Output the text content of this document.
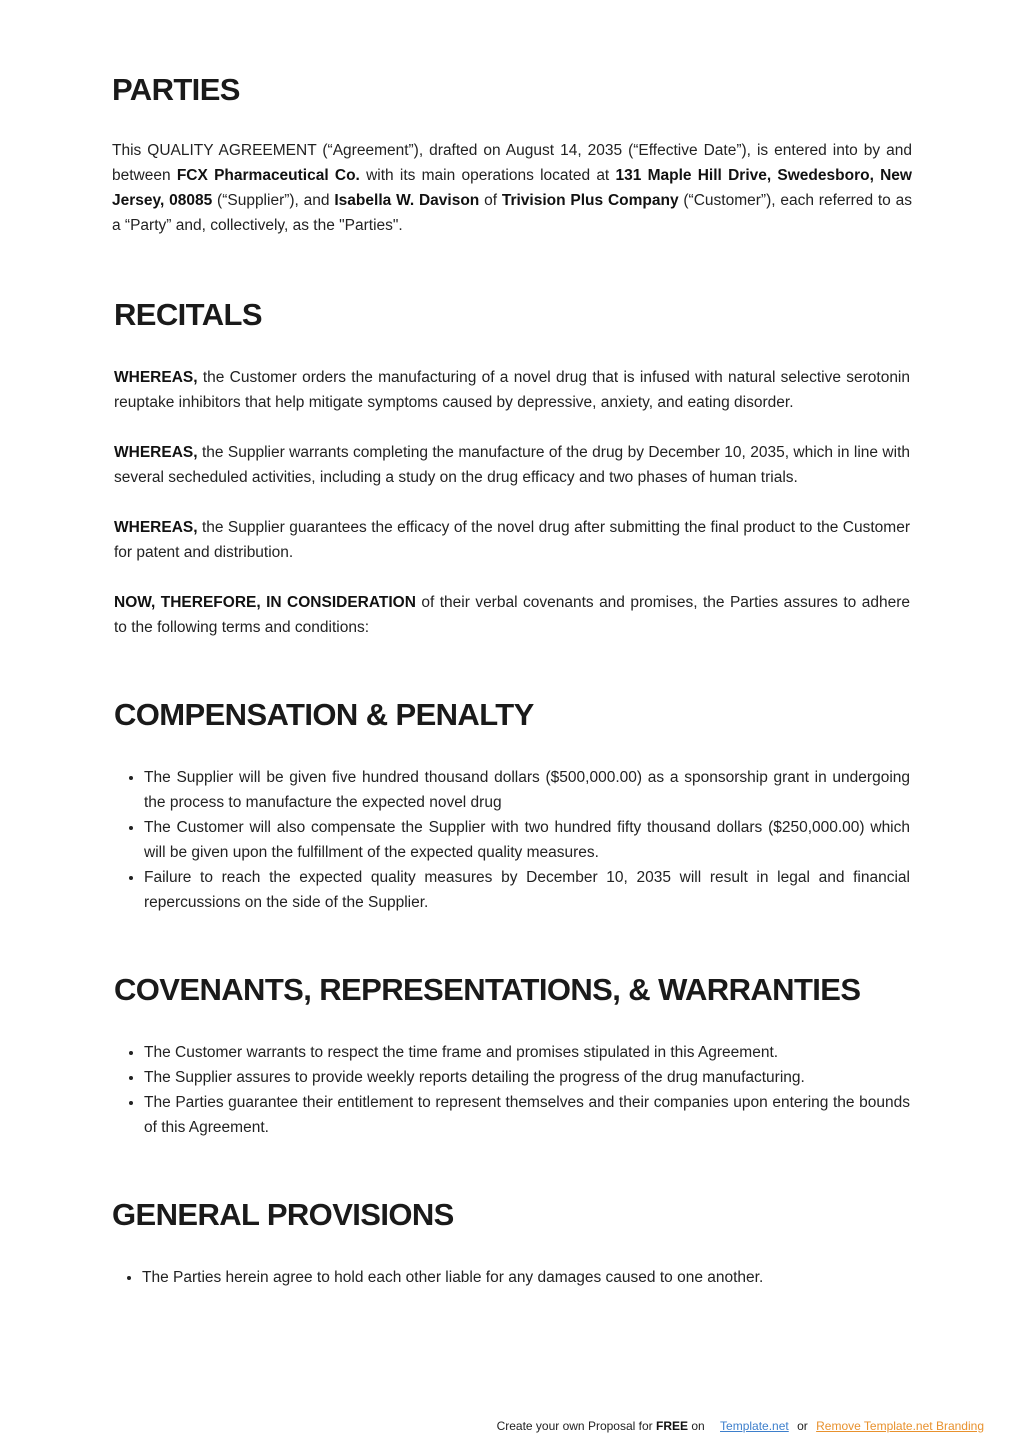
PARTIES

This QUALITY AGREEMENT (“Agreement”), drafted on August 14, 2035 (“Effective Date”), is entered into by and between FCX Pharmaceutical Co. with its main operations located at 131 Maple Hill Drive, Swedesboro, New Jersey, 08085 (“Supplier”), and Isabella W. Davison of Trivision Plus Company (“Customer”), each referred to as a “Party” and, collectively, as the "Parties".

RECITALS

WHEREAS, the Customer orders the manufacturing of a novel drug that is infused with natural selective serotonin reuptake inhibitors that help mitigate symptoms caused by depressive, anxiety, and eating disorder.

WHEREAS, the Supplier warrants completing the manufacture of the drug by December 10, 2035, which in line with several secheduled activities, including a study on the drug efficacy and two phases of human trials.

WHEREAS, the Supplier guarantees the efficacy of the novel drug after submitting the final product to the Customer for patent and distribution.

NOW, THEREFORE, IN CONSIDERATION of their verbal covenants and promises, the Parties assures to adhere to the following terms and conditions:

COMPENSATION & PENALTY
• The Supplier will be given five hundred thousand dollars ($500,000.00) as a sponsorship grant in undergoing the process to manufacture the expected novel drug
• The Customer will also compensate the Supplier with two hundred fifty thousand dollars ($250,000.00) which will be given upon the fulfillment of the expected quality measures.
• Failure to reach the expected quality measures by December 10, 2035 will result in legal and financial repercussions on the side of the Supplier.
COVENANTS, REPRESENTATIONS, & WARRANTIES
• The Customer warrants to respect the time frame and promises stipulated in this Agreement.
• The Supplier assures to provide weekly reports detailing the progress of the drug manufacturing.
• The Parties guarantee their entitlement to represent themselves and their companies upon entering the bounds of this Agreement.
GENERAL PROVISIONS
• The Parties herein agree to hold each other liable for any damages caused to one another.
Create your own Proposal for FREE on Template.net or Remove Template.net Branding
